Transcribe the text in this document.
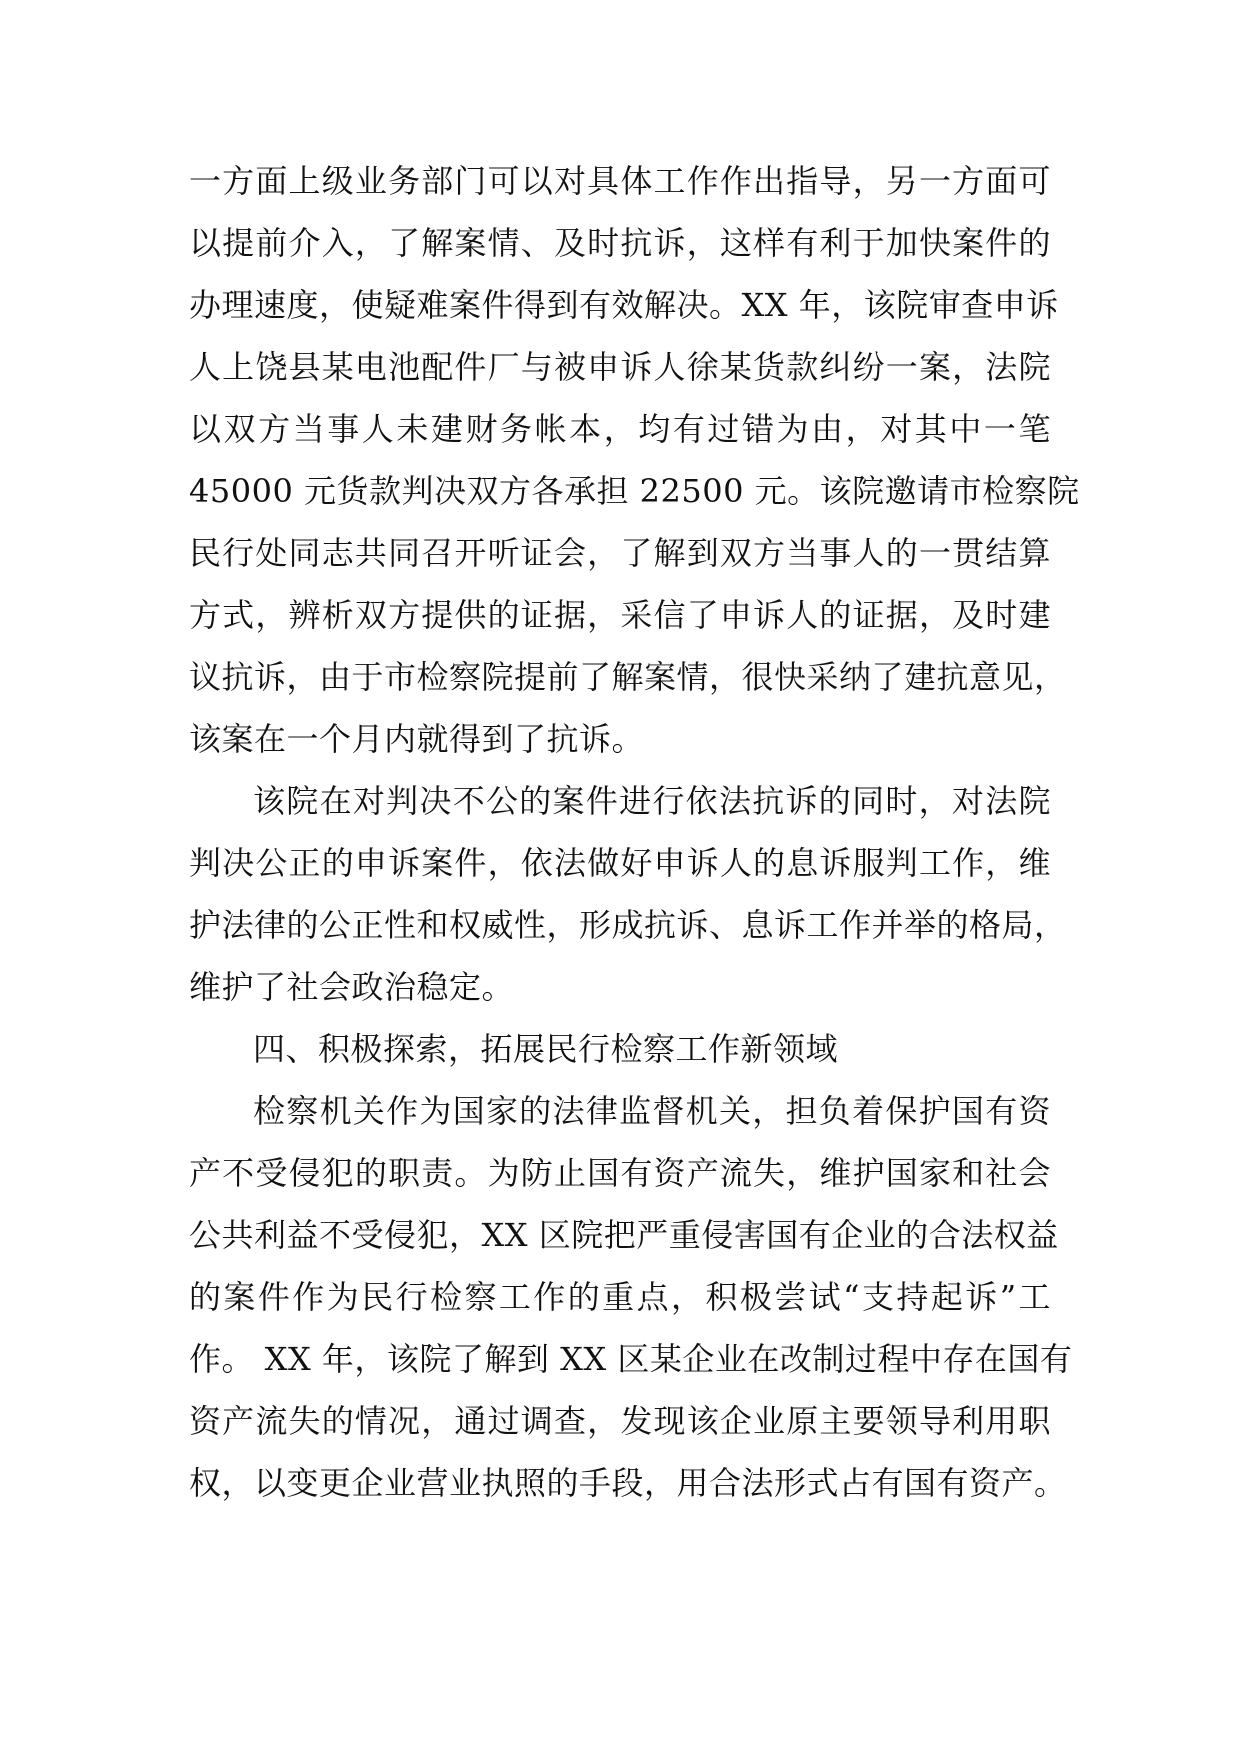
一方面上级业务部门可以对具体工作作出指导，另一方面可
以提前介入，了解案情、及时抗诉，这样有利于加快案件的
办理速度，使疑难案件得到有效解决。XX 年，该院审查申诉
人上饶县某电池配件厂与被申诉人徐某货款纠纷一案，法院
以双方当事人未建财务帐本，均有过错为由，对其中一笔
45000 元货款判决双方各承担 22500 元。该院邀请市检察院
民行处同志共同召开听证会，了解到双方当事人的一贯结算
方式，辨析双方提供的证据，采信了申诉人的证据，及时建
议抗诉，由于市检察院提前了解案情，很快采纳了建抗意见，
该案在一个月内就得到了抗诉。
该院在对判决不公的案件进行依法抗诉的同时，对法院
判决公正的申诉案件，依法做好申诉人的息诉服判工作，维
护法律的公正性和权威性，形成抗诉、息诉工作并举的格局，
维护了社会政治稳定。
四、积极探索，拓展民行检察工作新领域
检察机关作为国家的法律监督机关，担负着保护国有资
产不受侵犯的职责。为防止国有资产流失，维护国家和社会
公共利益不受侵犯，XX 区院把严重侵害国有企业的合法权益
的案件作为民行检察工作的重点，积极尝试“支持起诉”工
作。 XX 年，该院了解到 XX 区某企业在改制过程中存在国有
资产流失的情况，通过调查，发现该企业原主要领导利用职
权，以变更企业营业执照的手段，用合法形式占有国有资产。
